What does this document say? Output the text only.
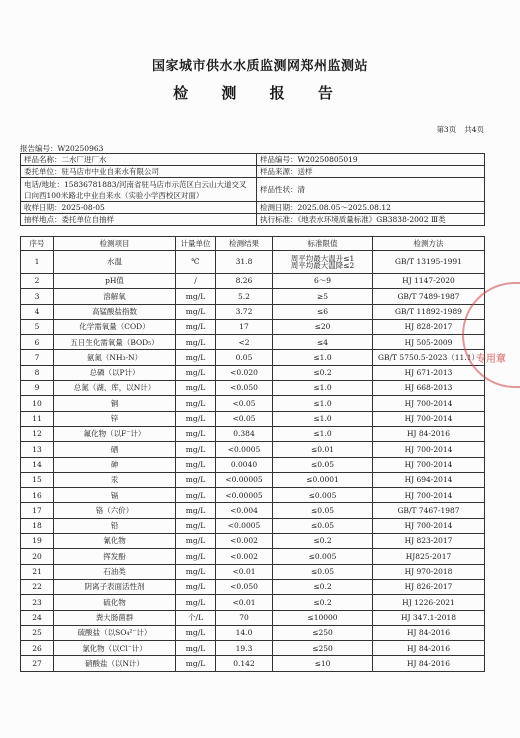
国家城市供水水质监测网郑州监测站
检 测 报 告
第3页 共4页
报告编号：W20250963
样品名称：二水厂进厂水	样品编号：W20250805019
委托单位：驻马店市中业自来水有限公司	样品来源：送样
电话/地址：15836781883/河南省驻马店市示范区白云山大道交叉口向西100米路北中业自来水（实验小学西校区对面）	样品性状：清
收样日期：2025-08-05	检测日期：2025.08.05～2025.08.12
抽样地点：委托单位自抽样	执行标准：《地表水环境质量标准》GB3838-2002 Ⅲ类
序号	检测项目	计量单位	检测结果	标准限值	检测方法
1	水温	℃	31.8	周平均最大温升≤1
周平均最大温降≤2	GB/T 13195-1991
2	pH值	/	8.26	6～9	HJ 1147-2020
3	溶解氧	mg/L	5.2	≥5	GB/T 7489-1987
4	高锰酸盐指数	mg/L	3.72	≤6	GB/T 11892-1989
5	化学需氧量（COD）	mg/L	17	≤20	HJ 828-2017
6	五日生化需氧量（BOD₅）	mg/L	<2	≤4	HJ 505-2009
7	氨氮（NH₃-N）	mg/L	0.05	≤1.0	GB/T 5750.5-2023（11.1）
8	总磷（以P计）	mg/L	<0.020	≤0.2	HJ 671-2013
9	总氮（湖、库，以N计）	mg/L	<0.050	≤1.0	HJ 668-2013
10	铜	mg/L	<0.05	≤1.0	HJ 700-2014
11	锌	mg/L	<0.05	≤1.0	HJ 700-2014
12	氟化物（以F⁻计）	mg/L	0.384	≤1.0	HJ 84-2016
13	硒	mg/L	<0.0005	≤0.01	HJ 700-2014
14	砷	mg/L	0.0040	≤0.05	HJ 700-2014
15	汞	mg/L	<0.00005	≤0.0001	HJ 694-2014
16	镉	mg/L	<0.00005	≤0.005	HJ 700-2014
17	铬（六价）	mg/L	<0.004	≤0.05	GB/T 7467-1987
18	铅	mg/L	<0.0005	≤0.05	HJ 700-2014
19	氰化物	mg/L	<0.002	≤0.2	HJ 823-2017
20	挥发酚	mg/L	<0.002	≤0.005	HJ825-2017
21	石油类	mg/L	<0.01	≤0.05	HJ 970-2018
22	阴离子表面活性剂	mg/L	<0.050	≤0.2	HJ 826-2017
23	硫化物	mg/L	<0.01	≤0.2	HJ 1226-2021
24	粪大肠菌群	个/L	70	≤10000	HJ 347.1-2018
25	硫酸盐（以SO₄²⁻计）	mg/L	14.0	≤250	HJ 84-2016
26	氯化物（以Cl⁻计）	mg/L	19.3	≤250	HJ 84-2016
27	硝酸盐（以N计）	mg/L	0.142	≤10	HJ 84-2016
专用章
